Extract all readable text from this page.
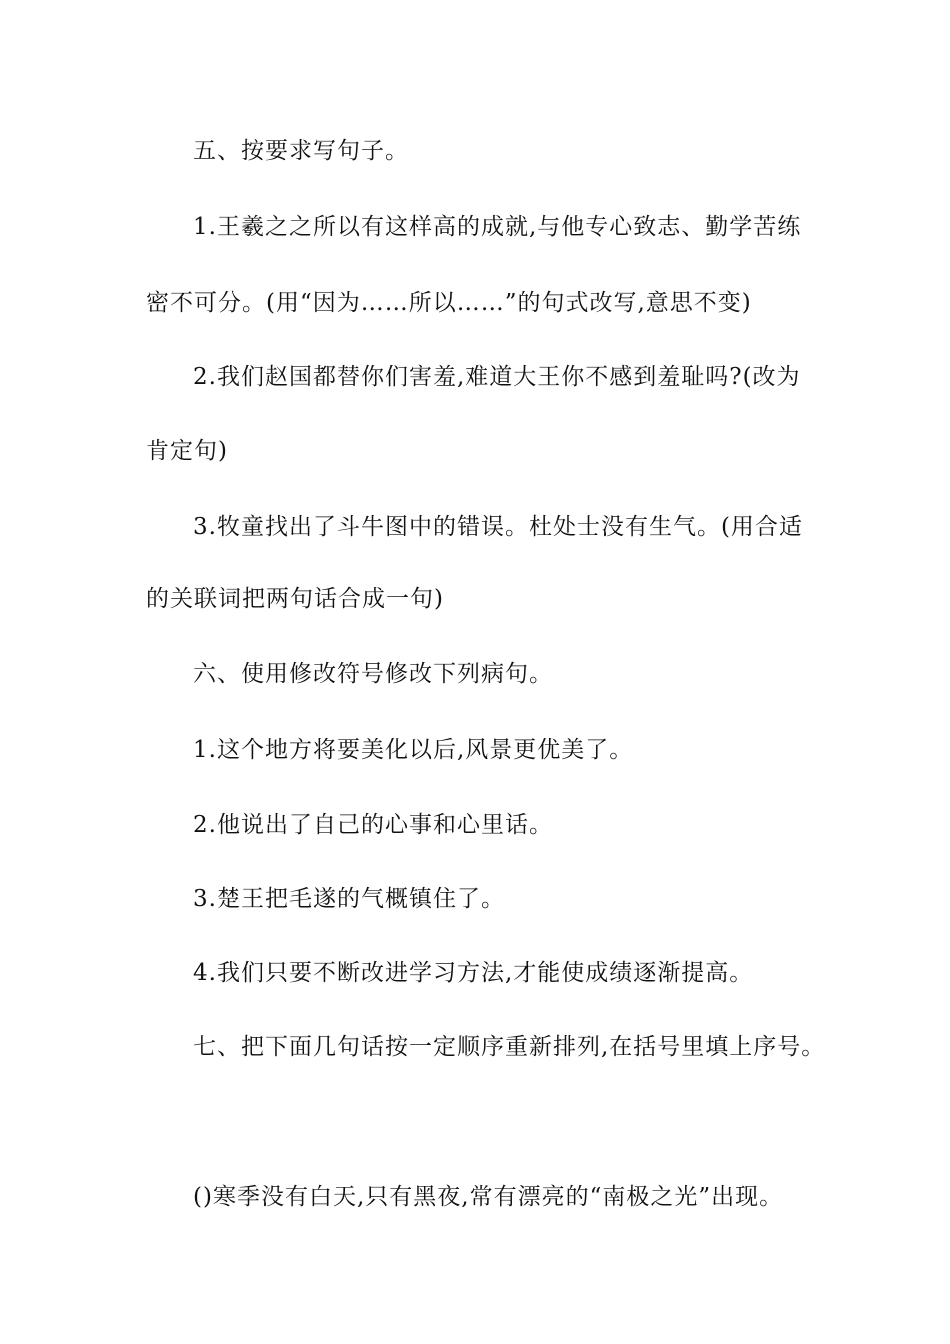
五、按要求写句子。
1.王羲之之所以有这样高的成就,与他专心致志、勤学苦练
密不可分。(用“因为……所以……”的句式改写,意思不变)
2.我们赵国都替你们害羞,难道大王你不感到羞耻吗?(改为
肯定句)
3.牧童找出了斗牛图中的错误。杜处士没有生气。(用合适
的关联词把两句话合成一句)
六、使用修改符号修改下列病句。
1.这个地方将要美化以后,风景更优美了。
2.他说出了自己的心事和心里话。
3.楚王把毛遂的气概镇住了。
4.我们只要不断改进学习方法,才能使成绩逐渐提高。
七、把下面几句话按一定顺序重新排列,在括号里填上序号。
()寒季没有白天,只有黑夜,常有漂亮的“南极之光”出现。
